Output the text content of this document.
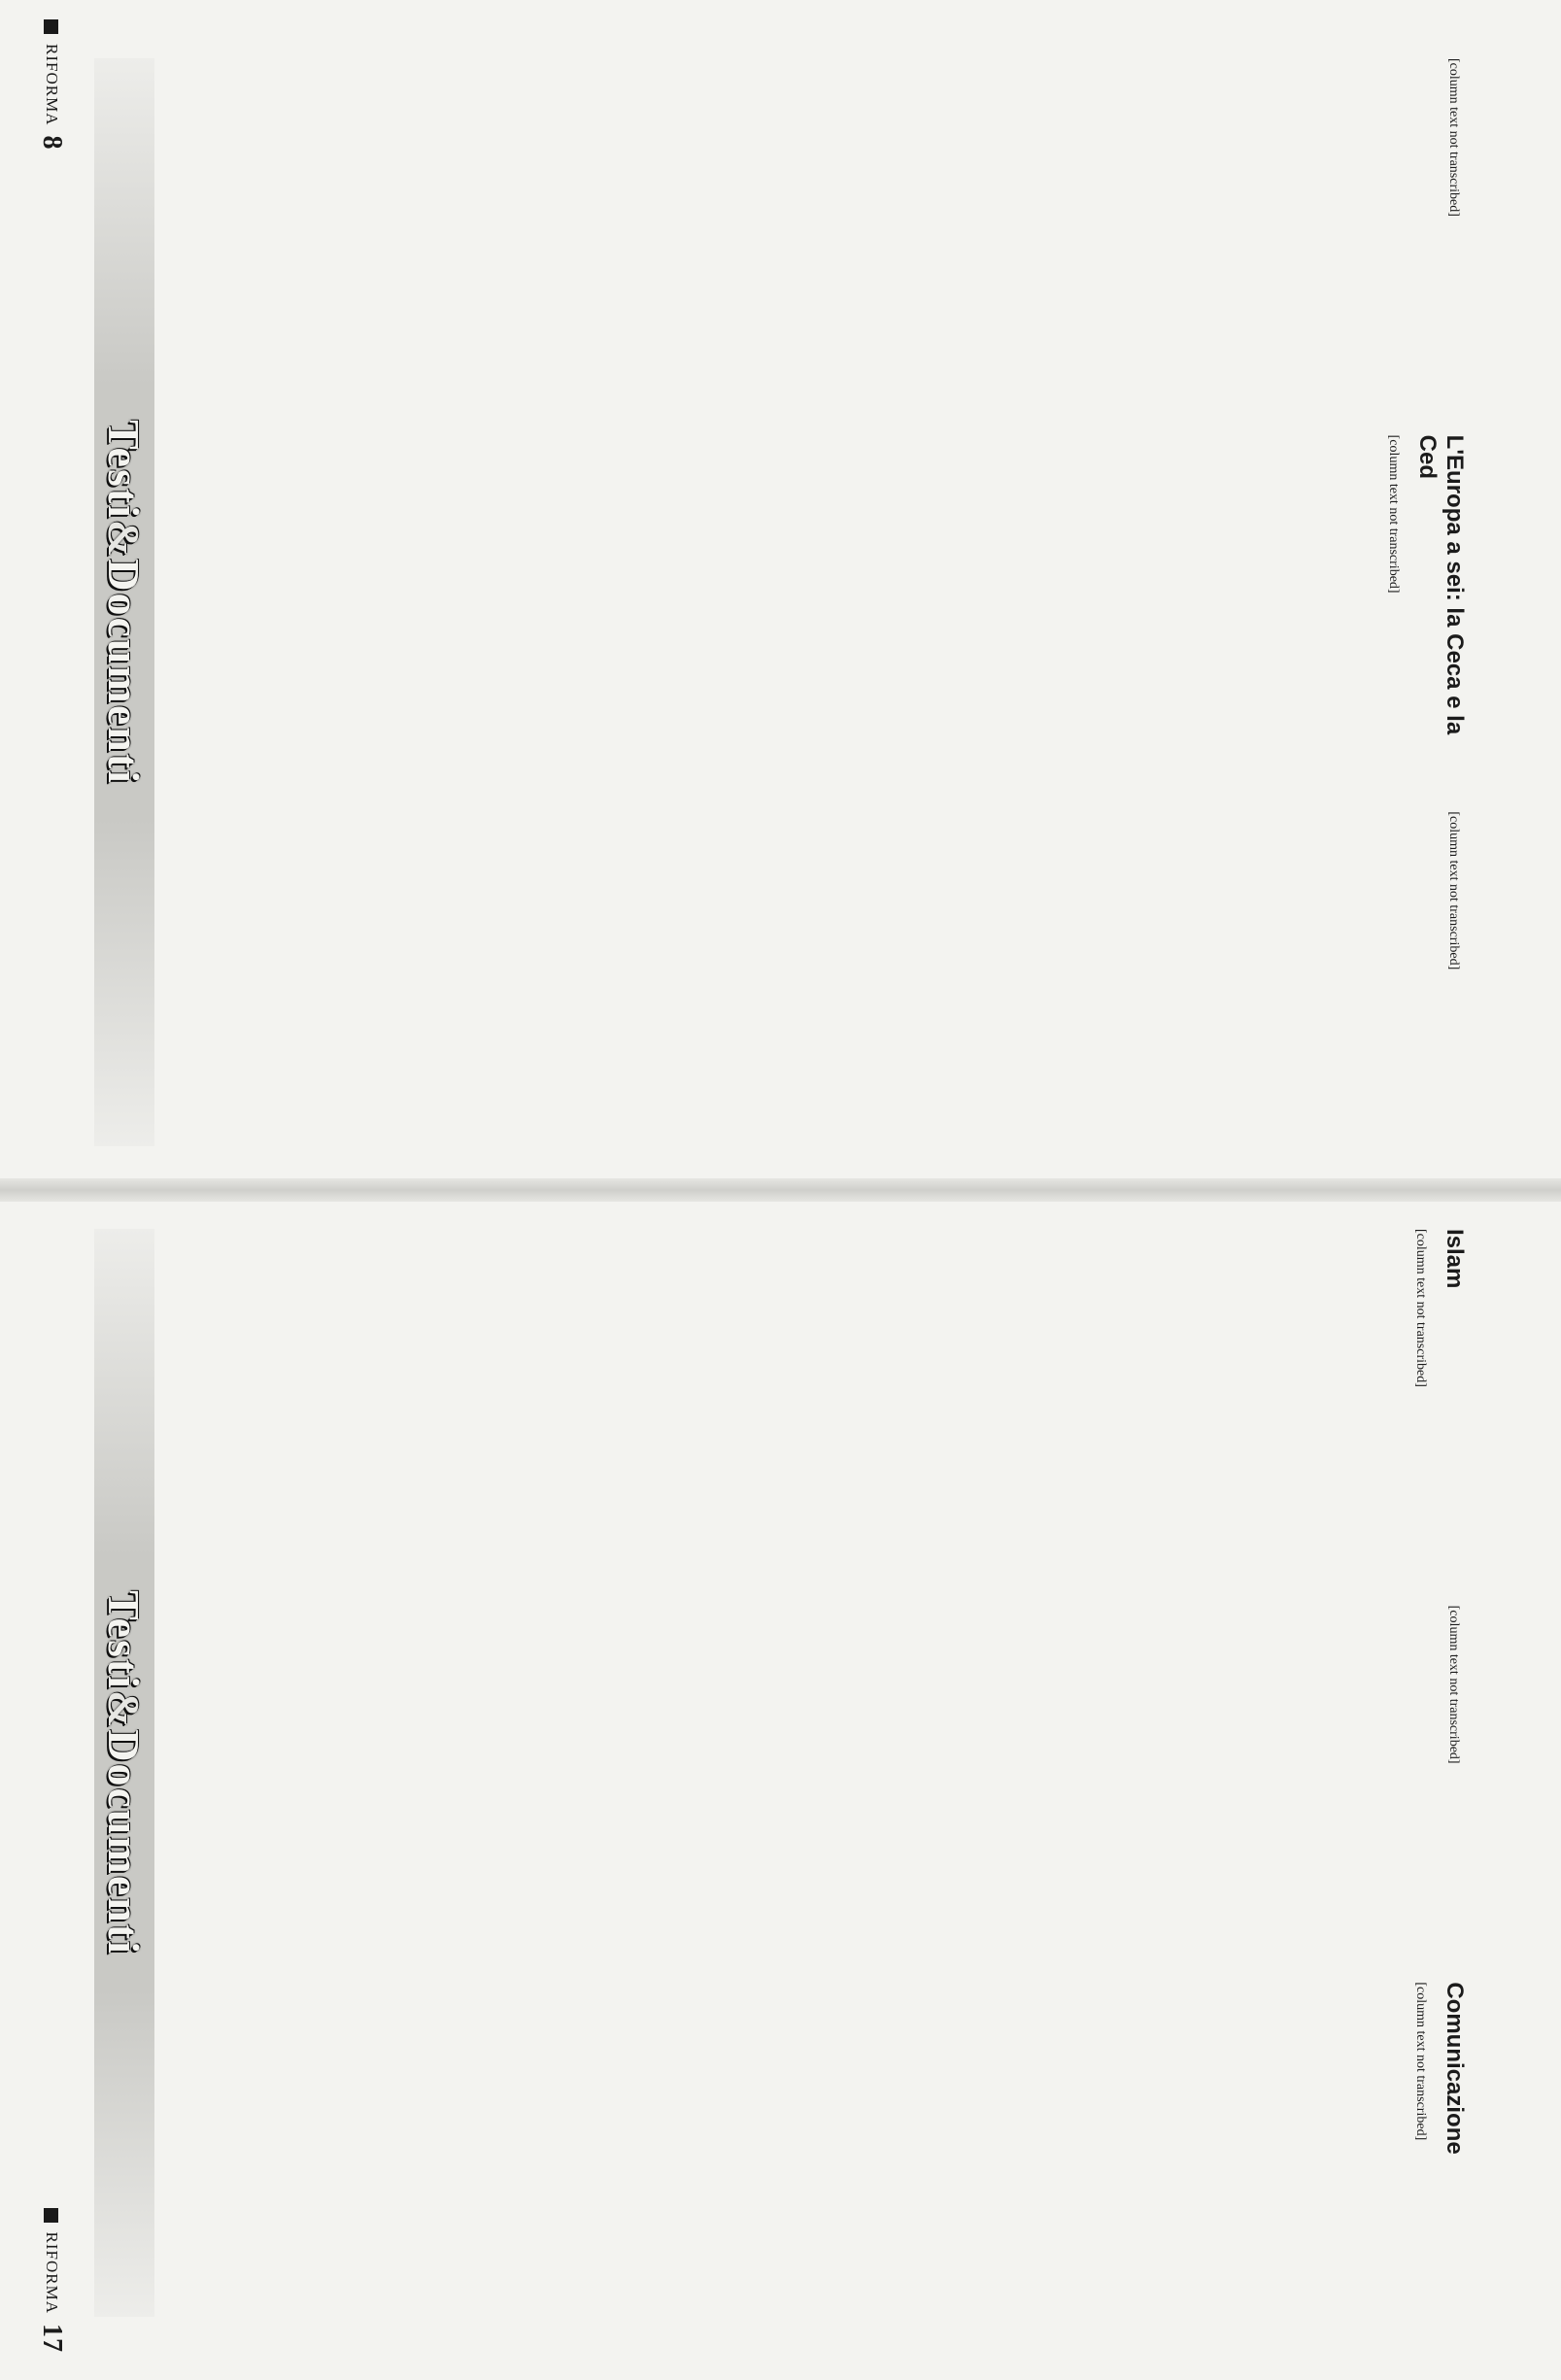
Testi
&
Documenti
[column text not transcribed]
L'Europa a sei: la Ceca e la Ced
[column text not transcribed]
[column text not transcribed]
RIFORMA
8
Testi
&
Documenti
Islam
[column text not transcribed]
[column text not transcribed]
Comunicazione
[column text not transcribed]
RIFORMA
17
